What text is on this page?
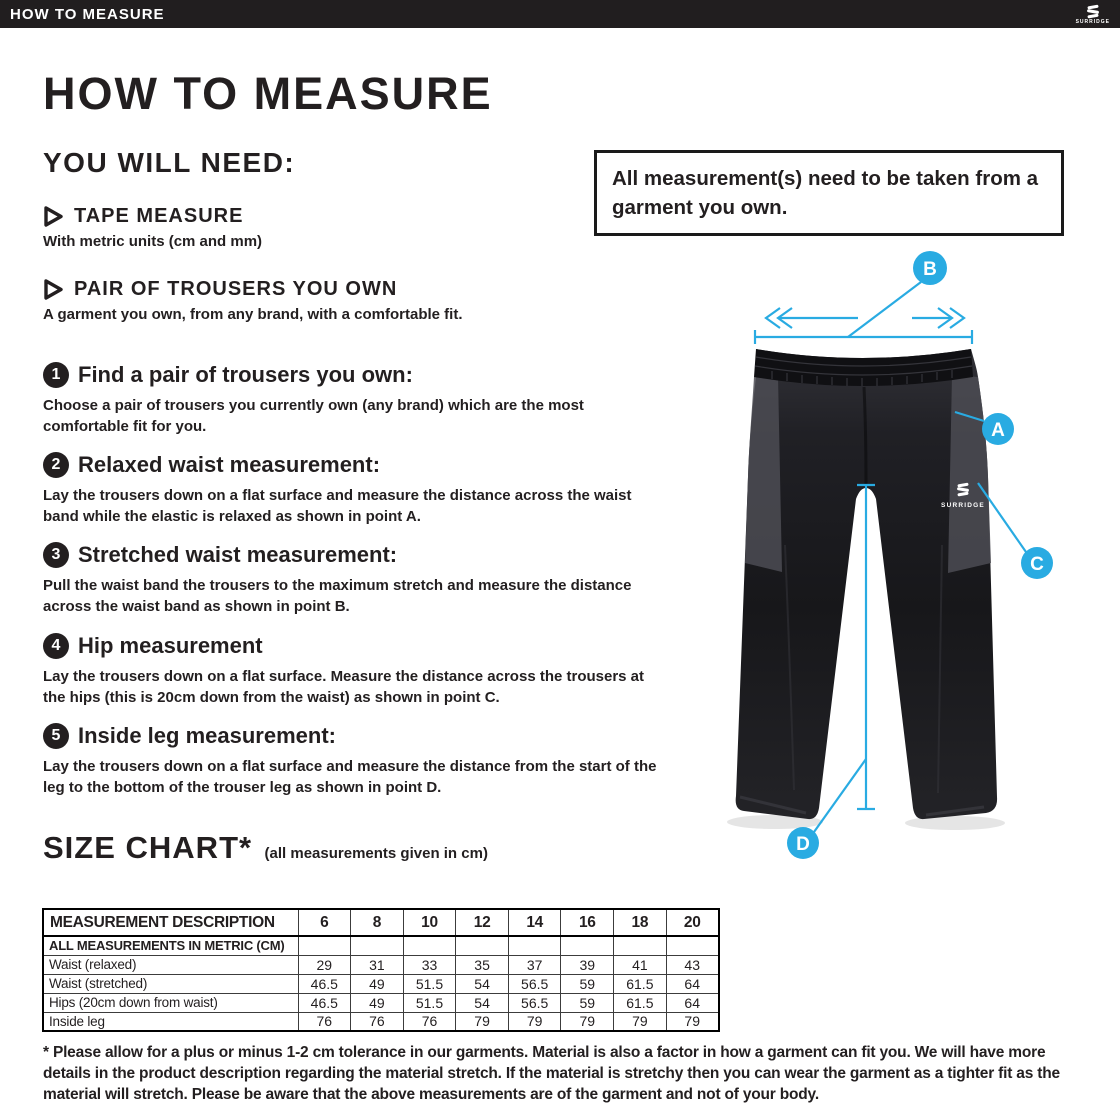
HOW TO MEASURE	SURRIDGE
HOW TO MEASURE
YOU WILL NEED:
TAPE MEASURE
With metric units (cm and mm)
PAIR OF TROUSERS YOU OWN
A garment you own, from any brand, with a comfortable fit.

All measurement(s) need to be taken from a garment you own.

1 Find a pair of trousers you own:

Choose a pair of trousers you currently own (any brand) which are the most comfortable fit for you.

2 Relaxed waist measurement:

Lay the trousers down on a flat surface and measure the distance across the waist band while the elastic is relaxed as shown in point A.

3 Stretched waist measurement:

Pull the waist band the trousers to the maximum stretch and measure the distance across the waist band as shown in point B.

4 Hip measurement

Lay the trousers down on a flat surface. Measure the distance across the trousers at the hips (this is 20cm down from the waist) as shown in point C.

5 Inside leg measurement:

Lay the trousers down on a flat surface and measure the distance from the start of the leg to the bottom of the trouser leg as shown in point D.

SURRIDGE
B
A
C
D
SIZE CHART* (all measurements given in cm)
MEASUREMENT DESCRIPTION	6	8	10	12	14	16	18	20
ALL MEASUREMENTS IN METRIC (CM)								
Waist (relaxed)	29	31	33	35	37	39	41	43
Waist (stretched)	46.5	49	51.5	54	56.5	59	61.5	64
Hips (20cm down from waist)	46.5	49	51.5	54	56.5	59	61.5	64
Inside leg	76	76	76	79	79	79	79	79

* Please allow for a plus or minus 1-2 cm tolerance in our garments. Material is also a factor in how a garment can fit you. We will have more details in the product description regarding the material stretch. If the material is stretchy then you can wear the garment as a tighter fit as the material will stretch. Please be aware that the above measurements are of the garment and not of your body.
